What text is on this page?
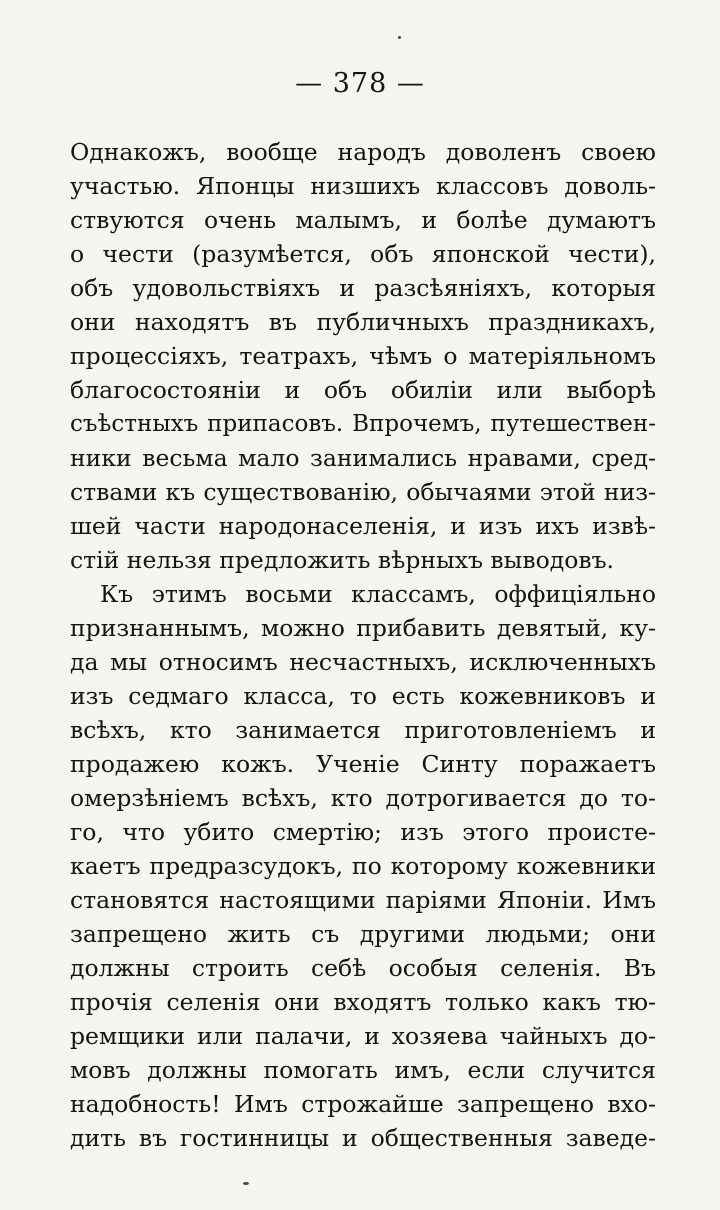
— 378 —
Однакожъ, вообще народъ доволенъ своею
участью. Японцы низшихъ классовъ доволь-
ствуются очень малымъ, и болѣе думаютъ
о чести (разумѣется, объ японской чести),
объ удовольствіяхъ и разсѣяніяхъ, которыя
они находятъ въ публичныхъ праздникахъ,
процессіяхъ, театрахъ, чѣмъ о матеріяльномъ
благосостояніи и объ обиліи или выборѣ
съѣстныхъ припасовъ. Впрочемъ, путешествен-
ники весьма мало занимались нравами, сред-
ствами къ существованію, обычаями этой низ-
шей части народонаселенія, и изъ ихъ извѣ-
стій нельзя предложить вѣрныхъ выводовъ.
Къ этимъ восьми классамъ, оффиціяльно
признаннымъ, можно прибавить девятый, ку-
да мы относимъ несчастныхъ, исключенныхъ
изъ седмаго класса, то есть кожевниковъ и
всѣхъ, кто занимается приготовленіемъ и
продажею кожъ. Ученіе Синту поражаетъ
омерзѣніемъ всѣхъ, кто дотрогивается до то-
го, что убито смертію; изъ этого происте-
каетъ предразсудокъ, по которому кожевники
становятся настоящими паріями Японіи. Имъ
запрещено жить съ другими людьми; они
должны строить себѣ особыя селенія. Въ
прочія селенія они входятъ только какъ тю-
ремщики или палачи, и хозяева чайныхъ до-
мовъ должны помогать имъ, если случится
надобность! Имъ строжайше запрещено вхо-
дить въ гостинницы и общественныя заведе-
